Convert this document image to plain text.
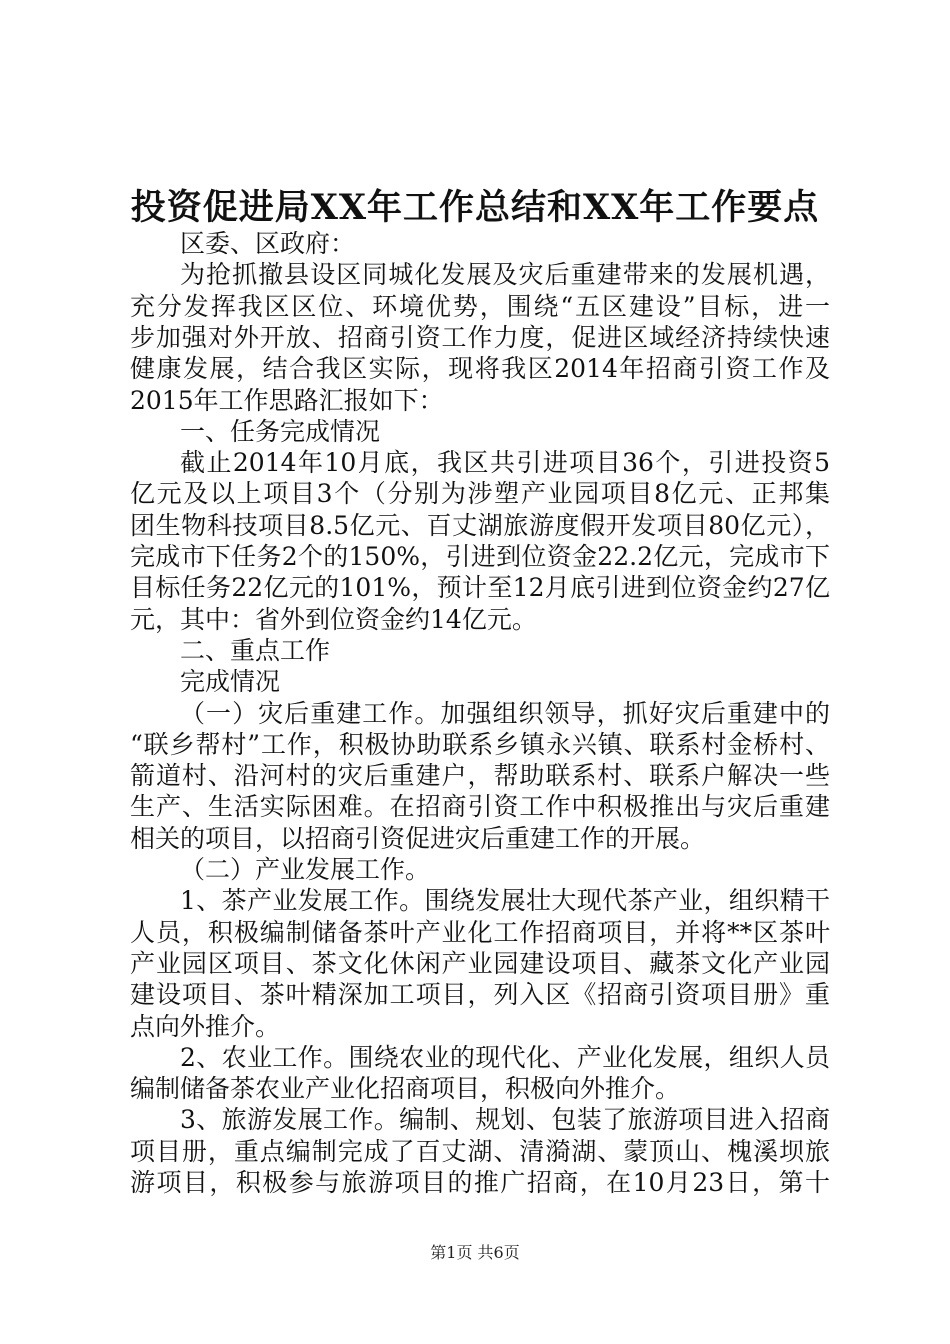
投资促进局XX年工作总结和XX年工作要点
区委、区政府：
为抢抓撤县设区同城化发展及灾后重建带来的发展机遇，
充分发挥我区区位、环境优势，围绕“五区建设”目标，进一
步加强对外开放、招商引资工作力度，促进区域经济持续快速
健康发展，结合我区实际，现将我区2014年招商引资工作及
2015年工作思路汇报如下：
一、任务完成情况
截止2014年10月底，我区共引进项目36个，引进投资5
亿元及以上项目3个（分别为涉塑产业园项目8亿元、正邦集
团生物科技项目8.5亿元、百丈湖旅游度假开发项目80亿元），
完成市下任务2个的150%，引进到位资金22.2亿元，完成市下
目标任务22亿元的101%，预计至12月底引进到位资金约27亿
元，其中：省外到位资金约14亿元。
二、重点工作
完成情况
（一）灾后重建工作。加强组织领导，抓好灾后重建中的
“联乡帮村”工作，积极协助联系乡镇永兴镇、联系村金桥村、
箭道村、沿河村的灾后重建户，帮助联系村、联系户解决一些
生产、生活实际困难。在招商引资工作中积极推出与灾后重建
相关的项目，以招商引资促进灾后重建工作的开展。
（二）产业发展工作。
1、茶产业发展工作。围绕发展壮大现代茶产业，组织精干
人员，积极编制储备茶叶产业化工作招商项目，并将**区茶叶
产业园区项目、茶文化休闲产业园建设项目、藏茶文化产业园
建设项目、茶叶精深加工项目，列入区《招商引资项目册》重
点向外推介。
2、农业工作。围绕农业的现代化、产业化发展，组织人员
编制储备茶农业产业化招商项目，积极向外推介。
3、旅游发展工作。编制、规划、包装了旅游项目进入招商
项目册，重点编制完成了百丈湖、清漪湖、蒙顶山、槐溪坝旅
游项目，积极参与旅游项目的推广招商，在10月23日，第十
第1页 共6页
